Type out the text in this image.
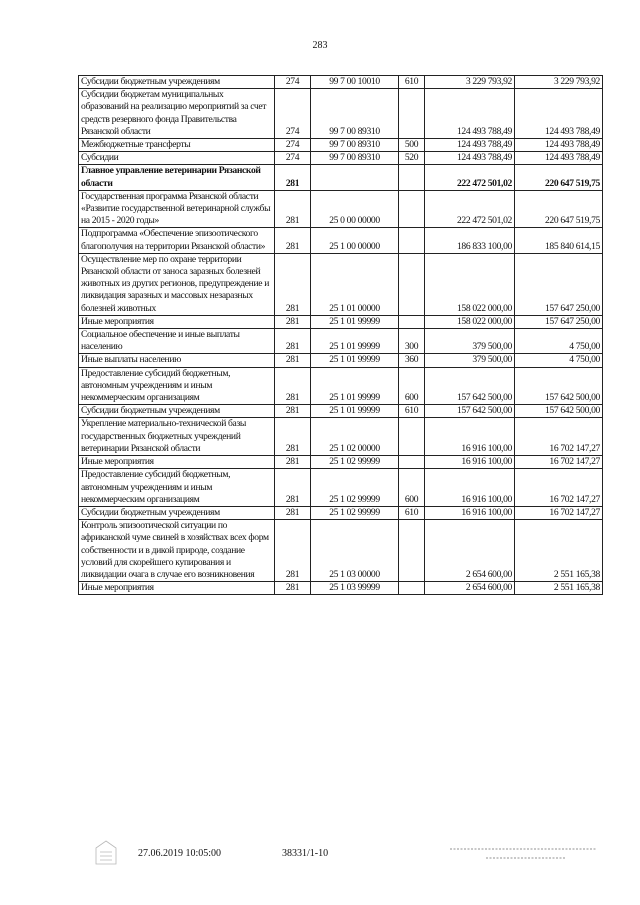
283
Субсидии бюджетным учреждениям	274	99 7 00 10010	610	3 229 793,92	3 229 793,92
Субсидии бюджетам муниципальных образований на реализацию мероприятий за счет средств резервного фонда Правительства Рязанской области	274	99 7 00 89310		124 493 788,49	124 493 788,49
Межбюджетные трансферты	274	99 7 00 89310	500	124 493 788,49	124 493 788,49
Субсидии	274	99 7 00 89310	520	124 493 788,49	124 493 788,49
Главное управление ветеринарии Рязанской области	281			222 472 501,02	220 647 519,75
Государственная программа Рязанской области «Развитие государственной ветеринарной службы на 2015 - 2020 годы»	281	25 0 00 00000		222 472 501,02	220 647 519,75
Подпрограмма «Обеспечение эпизоотического благополучия на территории Рязанской области»	281	25 1 00 00000		186 833 100,00	185 840 614,15
Осуществление мер по охране территории Рязанской области от заноса заразных болезней животных из других регионов, предупреждение и ликвидация заразных и массовых незаразных болезней животных	281	25 1 01 00000		158 022 000,00	157 647 250,00
Иные мероприятия	281	25 1 01 99999		158 022 000,00	157 647 250,00
Социальное обеспечение и иные выплаты населению	281	25 1 01 99999	300	379 500,00	4 750,00
Иные выплаты населению	281	25 1 01 99999	360	379 500,00	4 750,00
Предоставление субсидий бюджетным, автономным учреждениям и иным некоммерческим организациям	281	25 1 01 99999	600	157 642 500,00	157 642 500,00
Субсидии бюджетным учреждениям	281	25 1 01 99999	610	157 642 500,00	157 642 500,00
Укрепление материально-технической базы государственных бюджетных учреждений ветеринарии Рязанской области	281	25 1 02 00000		16 916 100,00	16 702 147,27
Иные мероприятия	281	25 1 02 99999		16 916 100,00	16 702 147,27
Предоставление субсидий бюджетным, автономным учреждениям и иным некоммерческим организациям	281	25 1 02 99999	600	16 916 100,00	16 702 147,27
Субсидии бюджетным учреждениям	281	25 1 02 99999	610	16 916 100,00	16 702 147,27
Контроль эпизоотической ситуации по африканской чуме свиней в хозяйствах всех форм собственности и в дикой природе, создание условий для скорейшего купирования и ликвидации очага в случае его возникновения	281	25 1 03 00000		2 654 600,00	2 551 165,38
Иные мероприятия	281	25 1 03 99999		2 654 600,00	2 551 165,38
27.06.2019 10:05:00	38331/1-10
